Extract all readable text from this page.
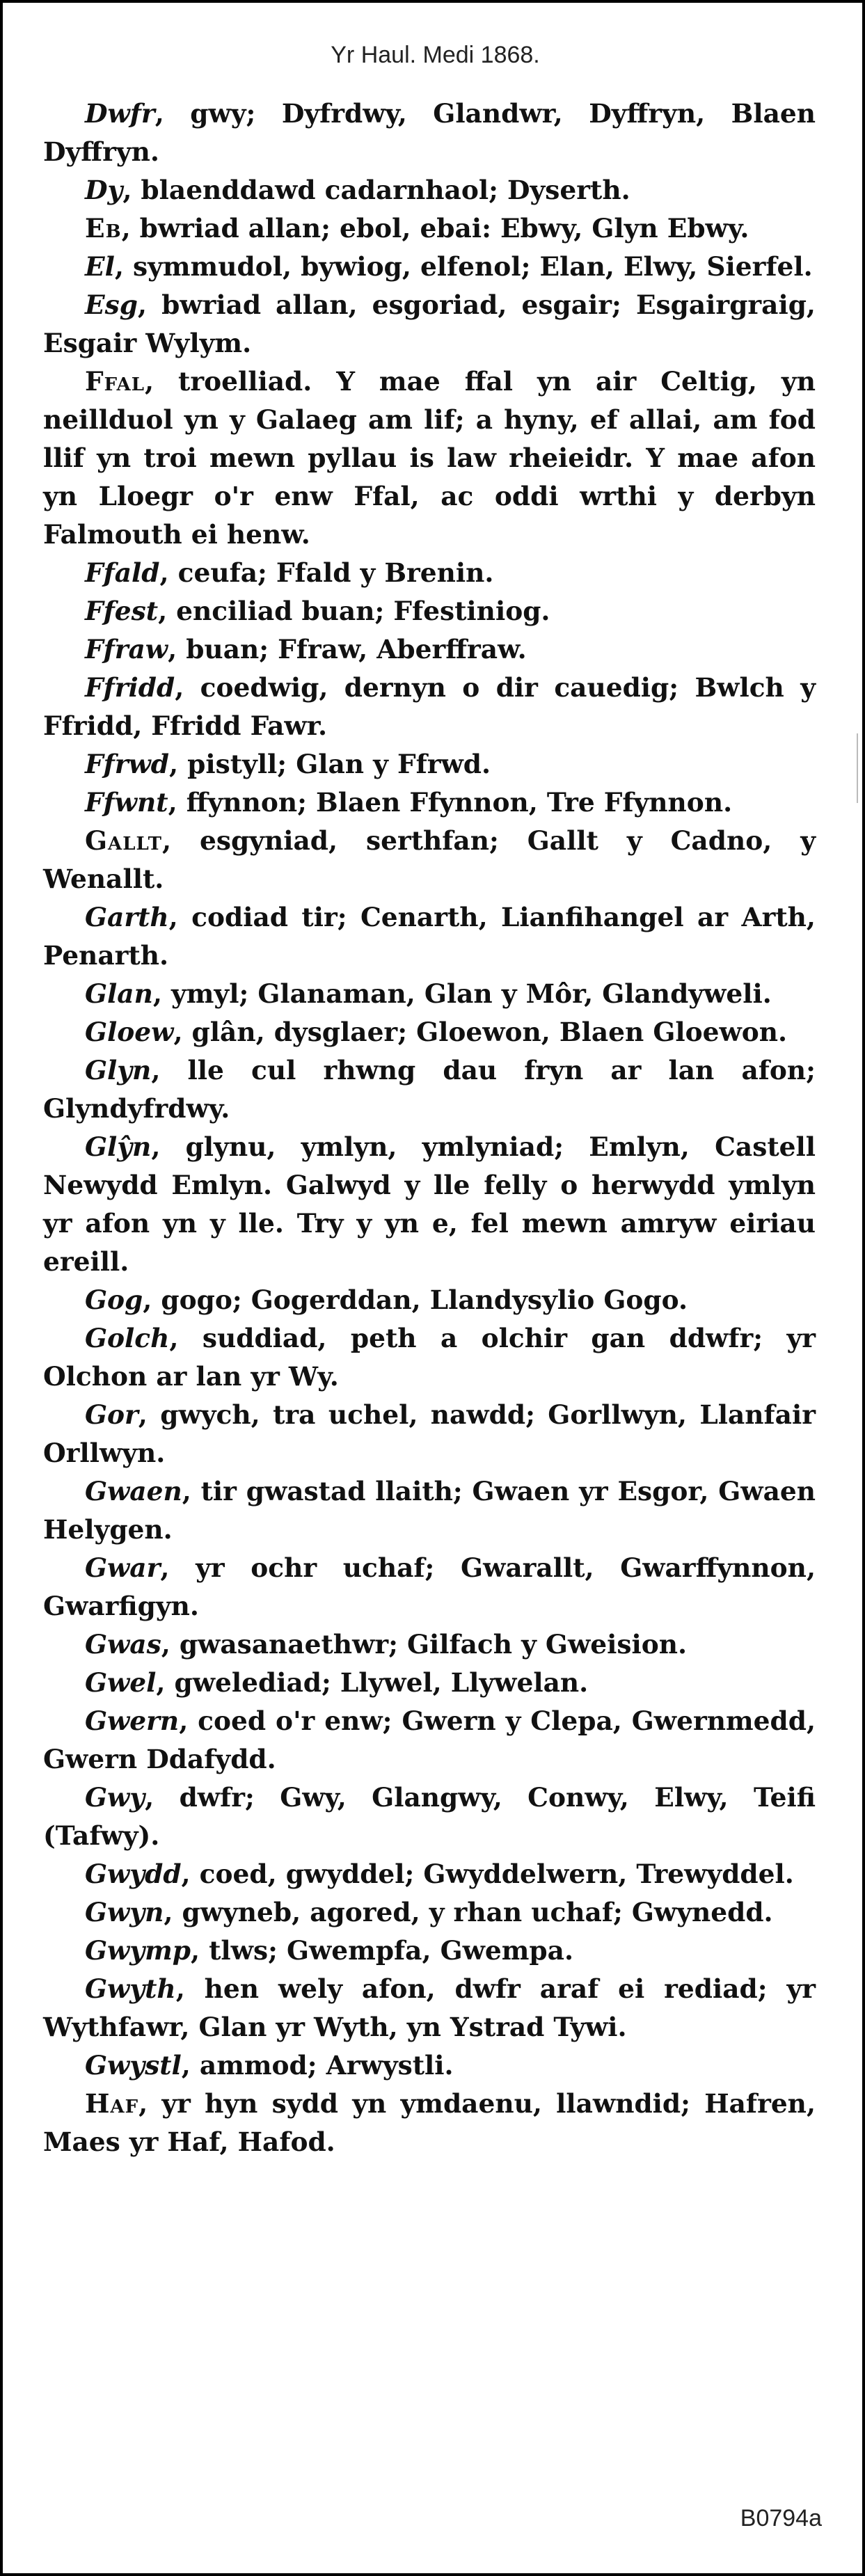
Yr Haul. Medi 1868.

Dwfr, gwy; Dyfrdwy, Glandwr, Dyffryn, Blaen Dyffryn.

Dy, blaenddawd cadarnhaol; Dyserth.

Eb, bwriad allan; ebol, ebai: Ebwy, Glyn Ebwy.

El, symmudol, bywiog, elfenol; Elan, Elwy, Sierfel.

Esg, bwriad allan, esgoriad, esgair; Esgairgraig, Esgair Wylym.

Ffal, troelliad. Y mae ffal yn air Celtig, yn neillduol yn y Galaeg am lif; a hyny, ef allai, am fod llif yn troi mewn pyllau is law rheieidr. Y mae afon yn Lloegr o'r enw Ffal, ac oddi wrthi y derbyn Falmouth ei henw.

Ffald, ceufa; Ffald y Brenin.

Ffest, enciliad buan; Ffestiniog.

Ffraw, buan; Ffraw, Aberffraw.

Ffridd, coedwig, dernyn o dir cauedig; Bwlch y Ffridd, Ffridd Fawr.

Ffrwd, pistyll; Glan y Ffrwd.

Ffwnt, ffynnon; Blaen Ffynnon, Tre Ffynnon.

Gallt, esgyniad, serthfan; Gallt y Cadno, y Wenallt.

Garth, codiad tir; Cenarth, Lianfihangel ar Arth, Penarth.

Glan, ymyl; Glanaman, Glan y Môr, Glandyweli.

Gloew, glân, dysglaer; Gloewon, Blaen Gloewon.

Glyn, lle cul rhwng dau fryn ar lan afon; Glyndyfrdwy.

Glŷn, glynu, ymlyn, ymlyniad; Emlyn, Castell Newydd Emlyn. Galwyd y lle felly o herwydd ymlyn yr afon yn y lle. Try y yn e, fel mewn amryw eiriau ereill.

Gog, gogo; Gogerddan, Llandysylio Gogo.

Golch, suddiad, peth a olchir gan ddwfr; yr Olchon ar lan yr Wy.

Gor, gwych, tra uchel, nawdd; Gorllwyn, Llanfair Orllwyn.

Gwaen, tir gwastad llaith; Gwaen yr Esgor, Gwaen Helygen.

Gwar, yr ochr uchaf; Gwarallt, Gwarffynnon, Gwarfigyn.

Gwas, gwasanaethwr; Gilfach y Gweision.

Gwel, gwelediad; Llywel, Llywelan.

Gwern, coed o'r enw; Gwern y Clepa, Gwernmedd, Gwern Ddafydd.

Gwy, dwfr; Gwy, Glangwy, Conwy, Elwy, Teifi (Tafwy).

Gwydd, coed, gwyddel; Gwyddelwern, Trewyddel.

Gwyn, gwyneb, agored, y rhan uchaf; Gwynedd.

Gwymp, tlws; Gwempfa, Gwempa.

Gwyth, hen wely afon, dwfr araf ei rediad; yr Wythfawr, Glan yr Wyth, yn Ystrad Tywi.

Gwystl, ammod; Arwystli.

Haf, yr hyn sydd yn ymdaenu, llawndid; Hafren, Maes yr Haf, Hafod.

B0794a
